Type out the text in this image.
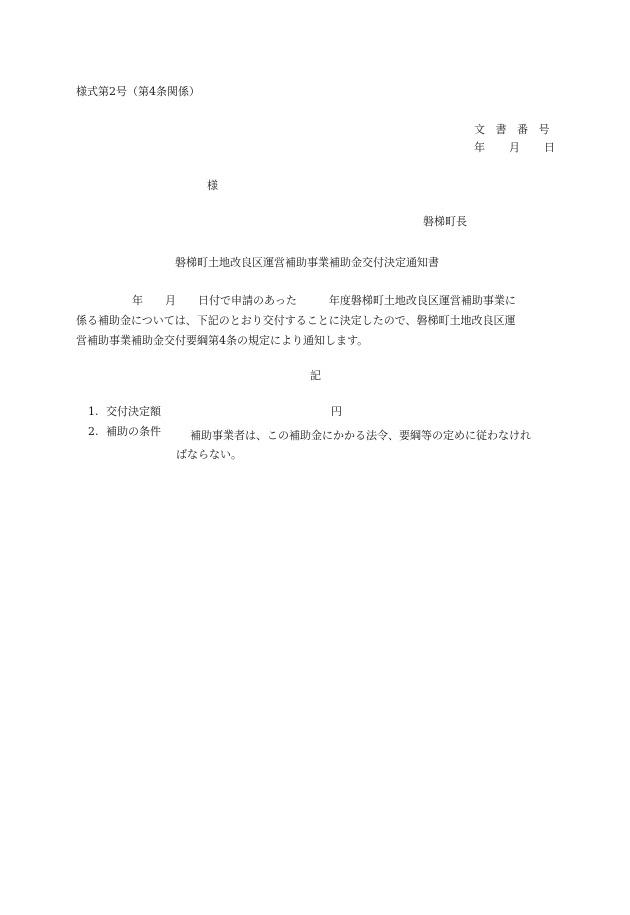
様式第2号（第4条関係）
文書番号
年 月 日
様
磐梯町長
磐梯町土地改良区運営補助事業補助金交付決定通知書
年 月 日付で申請のあった	年度磐梯町土地改良区運営補助事業に
係る補助金については、下記のとおり交付することに決定したので、磐梯町土地改良区運
営補助事業補助金交付要綱第4条の規定により通知します。
記
1. 交付決定額	円
2. 補助の条件	補助事業者は、この補助金にかかる法令、要綱等の定めに従わなけれ
ばならない。
